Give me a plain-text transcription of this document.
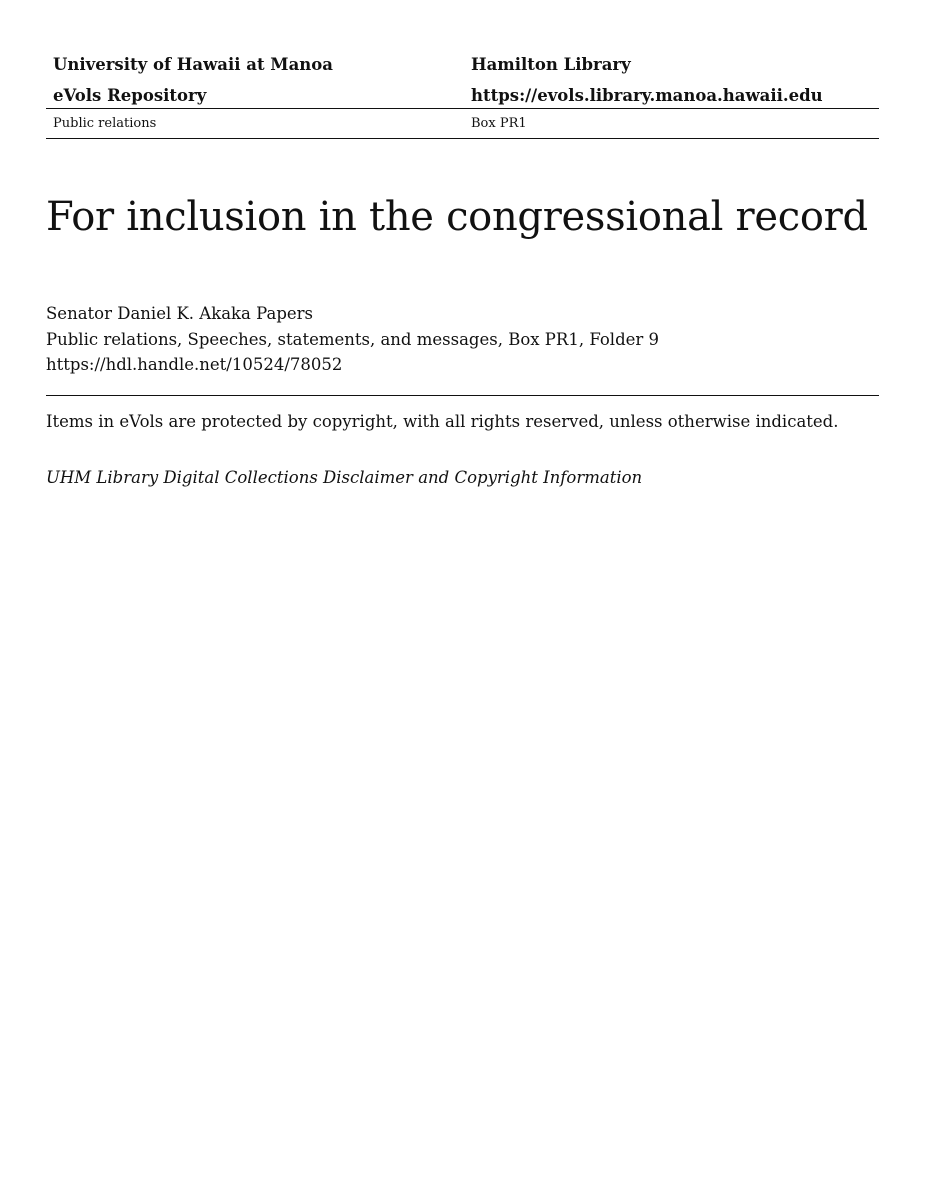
University of Hawaii at Manoa	Hamilton Library
eVols Repository	https://evols.library.manoa.hawaii.edu
Public relations	Box PR1
For inclusion in the congressional record
Senator Daniel K. Akaka Papers
Public relations, Speeches, statements, and messages, Box PR1, Folder 9
https://hdl.handle.net/10524/78052
Items in eVols are protected by copyright, with all rights reserved, unless otherwise indicated.
UHM Library Digital Collections Disclaimer and Copyright Information
